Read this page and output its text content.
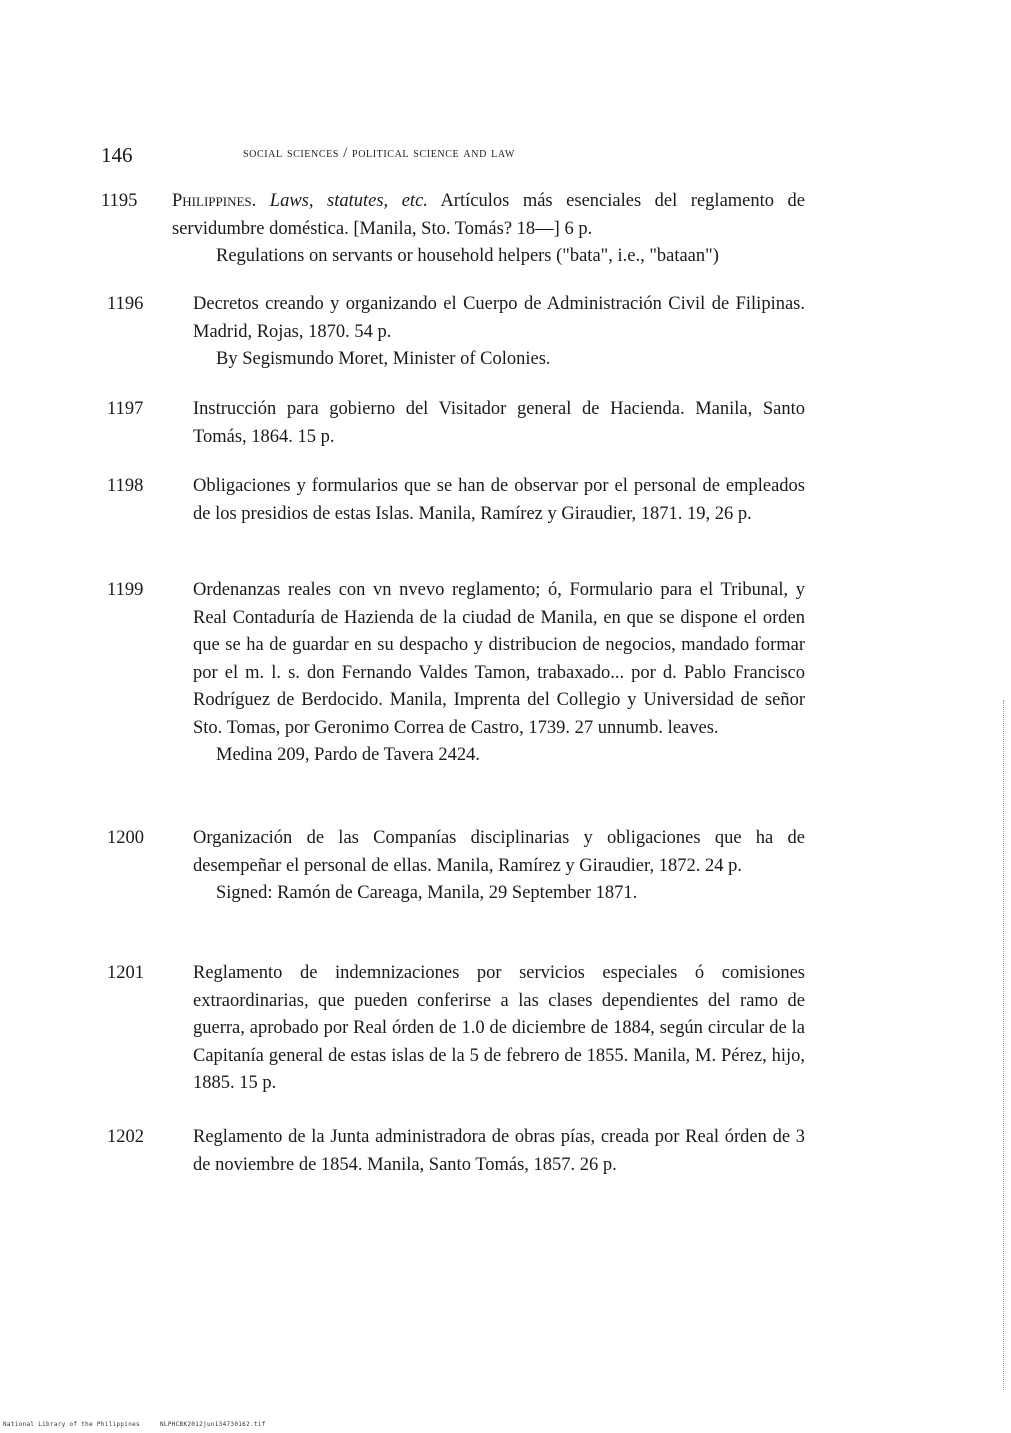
146	social sciences / political science and law
1195	Philippines. Laws, statutes, etc. Artículos más esenciales del reglamento de servidumbre doméstica. [Manila, Sto. Tomás? 18—] 6 p.

Regulations on servants or household helpers ("bata", i.e., "bataan")

1196	Decretos creando y organizando el Cuerpo de Administración Civil de Filipinas. Madrid, Rojas, 1870. 54 p.

By Segismundo Moret, Minister of Colonies.

1197	Instrucción para gobierno del Visitador general de Hacienda. Manila, Santo Tomás, 1864. 15 p.

1198	Obligaciones y formularios que se han de observar por el personal de empleados de los presidios de estas Islas. Manila, Ramírez y Giraudier, 1871. 19, 26 p.

1199	Ordenanzas reales con vn nvevo reglamento; ó, Formulario para el Tribunal, y Real Contaduría de Hazienda de la ciudad de Manila, en que se dispone el orden que se ha de guardar en su despacho y distribucion de negocios, mandado formar por el m. l. s. don Fernando Valdes Tamon, trabaxado... por d. Pablo Francisco Rodríguez de Berdocido. Manila, Imprenta del Collegio y Universidad de señor Sto. Tomas, por Geronimo Correa de Castro, 1739. 27 unnumb. leaves.

Medina 209, Pardo de Tavera 2424.

1200	Organización de las Companías disciplinarias y obligaciones que ha de desempeñar el personal de ellas. Manila, Ramírez y Giraudier, 1872. 24 p.

Signed: Ramón de Careaga, Manila, 29 September 1871.

1201	Reglamento de indemnizaciones por servicios especiales ó comisiones extraordinarias, que pueden conferirse a las clases dependientes del ramo de guerra, aprobado por Real órden de 1.0 de diciembre de 1884, según circular de la Capitanía general de estas islas de la 5 de febrero de 1855. Manila, M. Pérez, hijo, 1885. 15 p.

1202	Reglamento de la Junta administradora de obras pías, creada por Real órden de 3 de noviembre de 1854. Manila, Santo Tomás, 1857. 26 p.

National Library of the Philippines	NLPHCBK2012jun134730162.tif
